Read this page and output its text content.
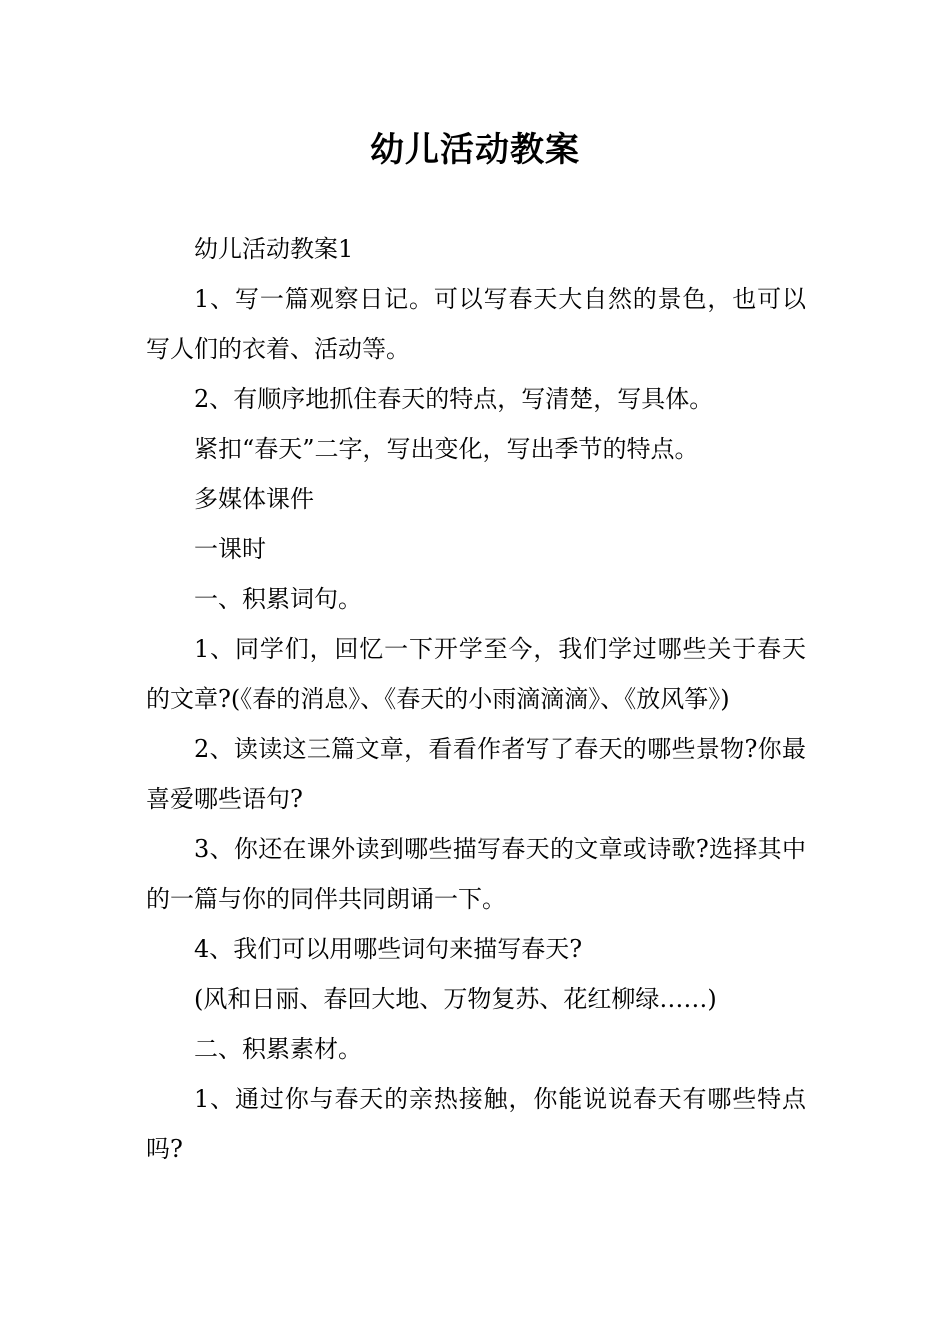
幼儿活动教案

幼儿活动教案1

1、写一篇观察日记。可以写春天大自然的景色，也可以写人们的衣着、活动等。

2、有顺序地抓住春天的特点，写清楚，写具体。

紧扣“春天”二字，写出变化，写出季节的特点。

多媒体课件

一课时

一、积累词句。

1、同学们，回忆一下开学至今，我们学过哪些关于春天的文章?(《春的消息》、《春天的小雨滴滴滴》、《放风筝》)

2、读读这三篇文章，看看作者写了春天的哪些景物?你最喜爱哪些语句?

3、你还在课外读到哪些描写春天的文章或诗歌?选择其中的一篇与你的同伴共同朗诵一下。

4、我们可以用哪些词句来描写春天?

(风和日丽、春回大地、万物复苏、花红柳绿……)

二、积累素材。

1、通过你与春天的亲热接触，你能说说春天有哪些特点吗?
